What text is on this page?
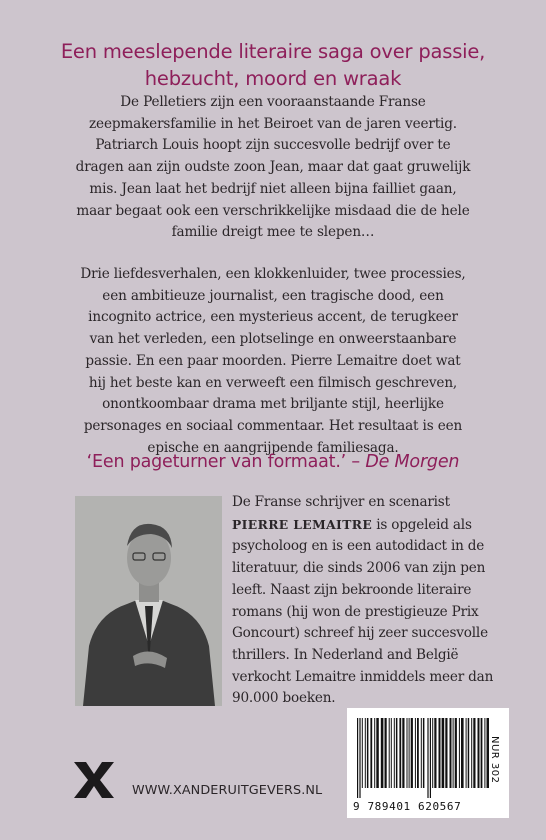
Een meeslepende literaire saga over passie,
hebzucht, moord en wraak
De Pelletiers zijn een vooraanstaande Franse
zeepmakersfamilie in het Beiroet van de jaren veertig.
Patriarch Louis hoopt zijn succesvolle bedrijf over te
dragen aan zijn oudste zoon Jean, maar dat gaat gruwelijk
mis. Jean laat het bedrijf niet alleen bijna failliet gaan,
maar begaat ook een verschrikkelijke misdaad die de hele
familie dreigt mee te slepen…
Drie liefdesverhalen, een klokkenluider, twee processies,
een ambitieuze journalist, een tragische dood, een
incognito actrice, een mysterieus accent, de terugkeer
van het verleden, een plotselinge en onweerstaanbare
passie. En een paar moorden. Pierre Lemaitre doet wat
hij het beste kan en verweeft een filmisch geschreven,
onontkoombaar drama met briljante stijl, heerlijke
personages en sociaal commentaar. Het resultaat is een
epische en aangrijpende familiesaga.
‘Een pageturner van formaat.’ – De Morgen
De Franse schrijver en scenarist
PIERRE LEMAITRE is opgeleid als
psycholoog en is een autodidact in de
literatuur, die sinds 2006 van zijn pen
leeft. Naast zijn bekroonde literaire
romans (hij won de prestigieuze Prix
Goncourt) schreef hij zeer succesvolle
thrillers. In Nederland and België
verkocht Lemaitre inmiddels meer dan
90.000 boeken.
WWW.XANDERUITGEVERS.NL
NUR 302
9 789401 620567
